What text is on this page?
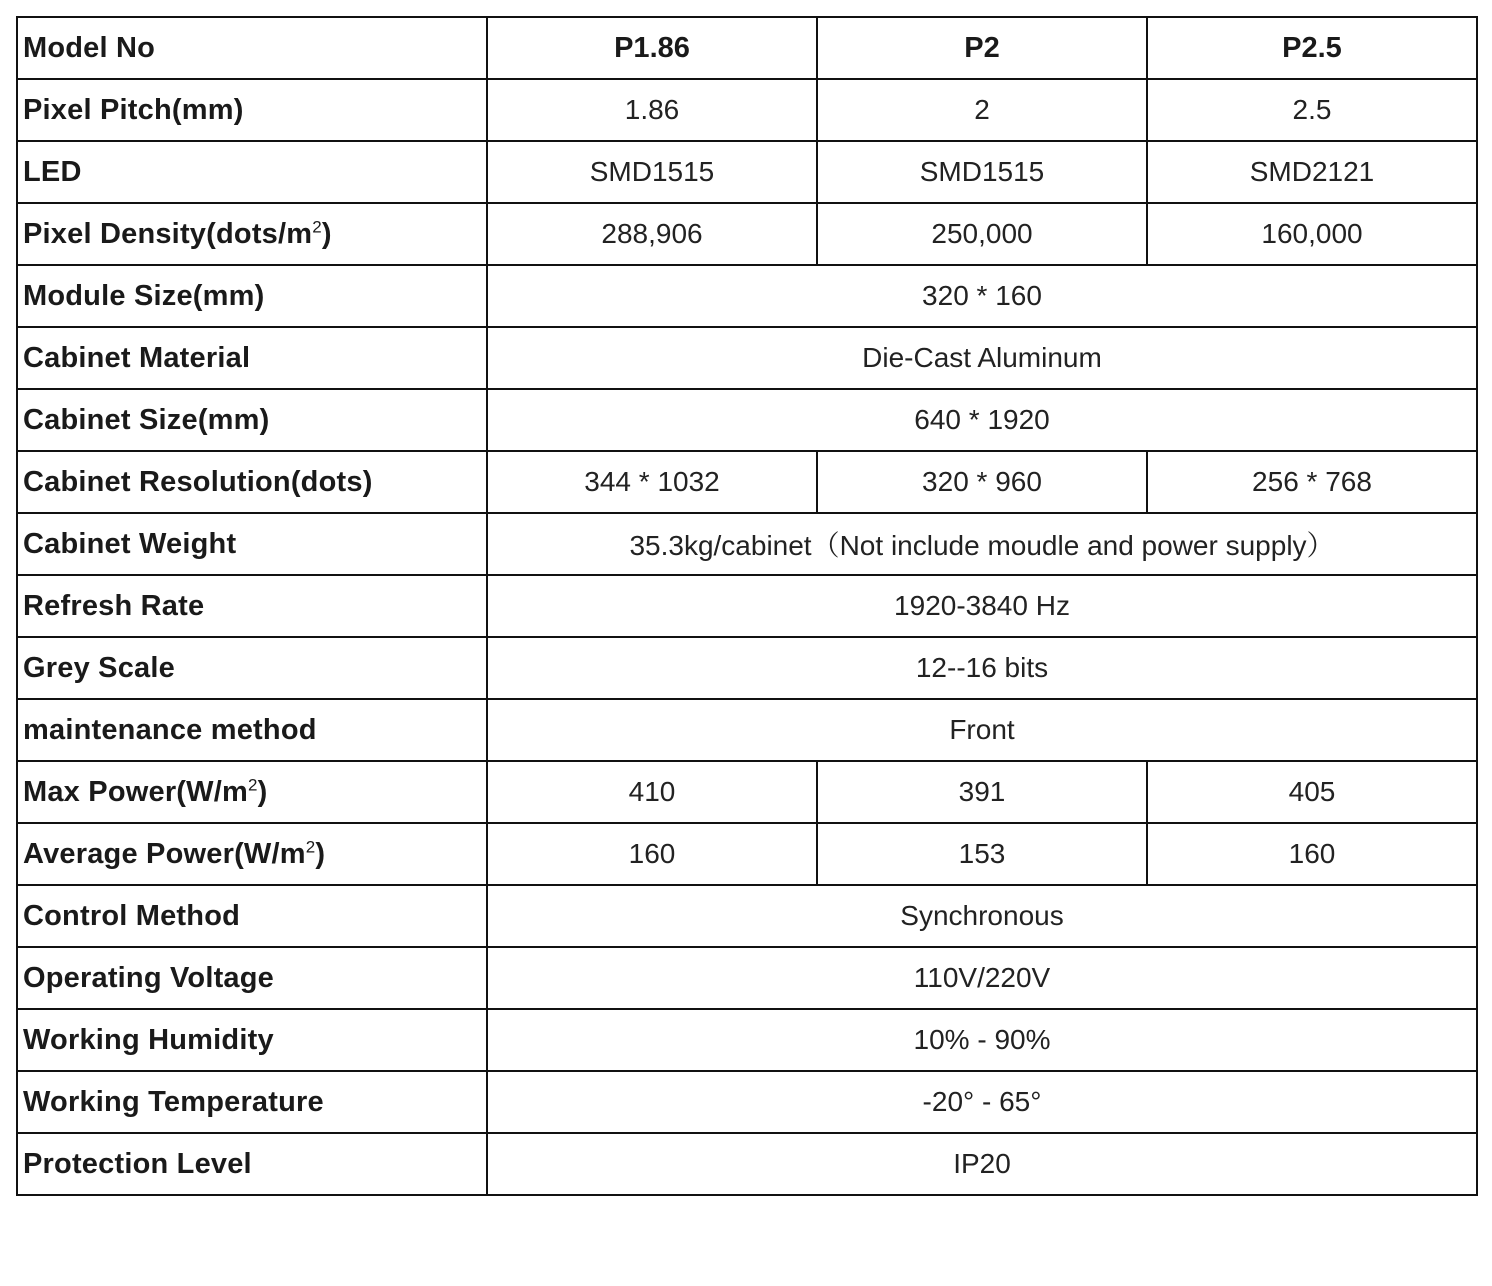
Model No	P1.86	P2	P2.5
Pixel Pitch(mm)	1.86	2	2.5
LED	SMD1515	SMD1515	SMD2121
Pixel $Density(dots/m^2)$	288,906	250,000	160,000
Module Size(mm)	320 * 160		
Cabinet Material	Die-Cast Aluminum		
Cabinet Size(mm)	640 * 1920		
Cabinet Resolution(dots)	344 * 1032	320 * 960	256 * 768
Cabinet Weight	35.3kg/cabinet（Not include moudle and power supply）		
Refresh Rate	1920-3840 Hz		
Grey Scale	12--16 bits		
maintenance method	Front		
Max $Power(W/m^2)$	410	391	405
Average $Power(W/m^2)$	160	153	160
Control Method	Synchronous		
Operating Voltage	110V/220V		
Working Humidity	10% - 90%		
Working Temperature	-20° - 65°		
Protection Level	IP20		
